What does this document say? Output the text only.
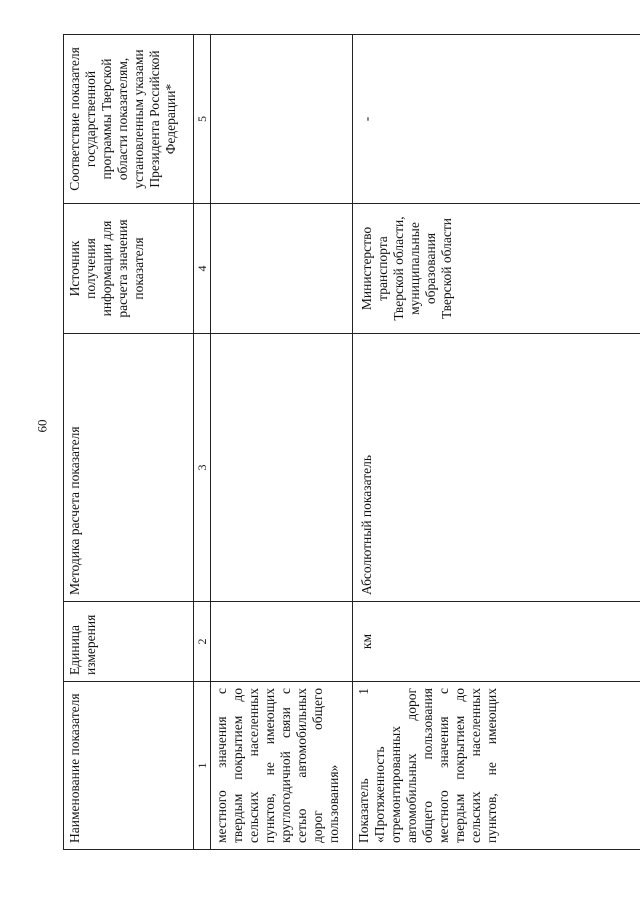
60
Наименование показателя	Единица измерения	Методика расчета показателя	Источник получения информации для расчета значения показателя	Соответствие показателя государственной программы Тверской области показателям, установленным указами Президента Российской Федерации*
1	2	3	4	5
местного значения с твердым покрытием до сельских населенных пунктов, не имеющих круглогодичной связи с сетью автомобильных дорог общего пользования»				
Показатель 1 «Протяженность отремонтированных автомобильных дорог общего пользования местного значения с твердым покрытием до сельских населенных пунктов, не имеющих	км	Абсолютный показатель	Министерство транспорта Тверской области, муниципальные образования Тверской области	-
